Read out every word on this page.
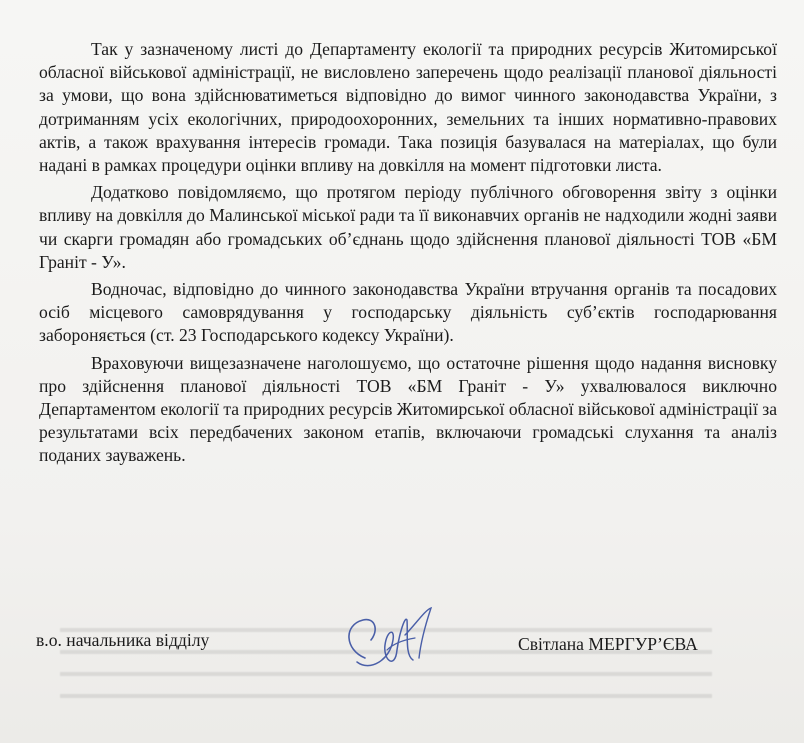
Так у зазначеному листі до Департаменту екології та природних ресурсів Житомирської обласної військової адміністрації, не висловлено заперечень щодо реалізації планової діяльності за умови, що вона здійснюватиметься відповідно до вимог чинного законодавства України, з дотриманням усіх екологічних, природоохоронних, земельних та інших нормативно-правових актів, а також врахування інтересів громади. Така позиція базувалася на матеріалах, що були надані в рамках процедури оцінки впливу на довкілля на момент підготовки листа.

Додатково повідомляємо, що протягом періоду публічного обговорення звіту з оцінки впливу на довкілля до Малинської міської ради та її виконавчих органів не надходили жодні заяви чи скарги громадян або громадських об’єднань щодо здійснення планової діяльності ТОВ «БМ Граніт - У».

Водночас, відповідно до чинного законодавства України втручання органів та посадових осіб місцевого самоврядування у господарську діяльність суб’єктів господарювання забороняється (ст. 23 Господарського кодексу України).

Враховуючи вищезазначене наголошуємо, що остаточне рішення щодо надання висновку про здійснення планової діяльності ТОВ «БМ Граніт - У» ухвалювалося виключно Департаментом екології та природних ресурсів Житомирської обласної військової адміністрації за результатами всіх передбачених законом етапів, включаючи громадські слухання та аналіз поданих зауважень.

в.о. начальника відділу	Світлана МЕРГУР’ЄВА
